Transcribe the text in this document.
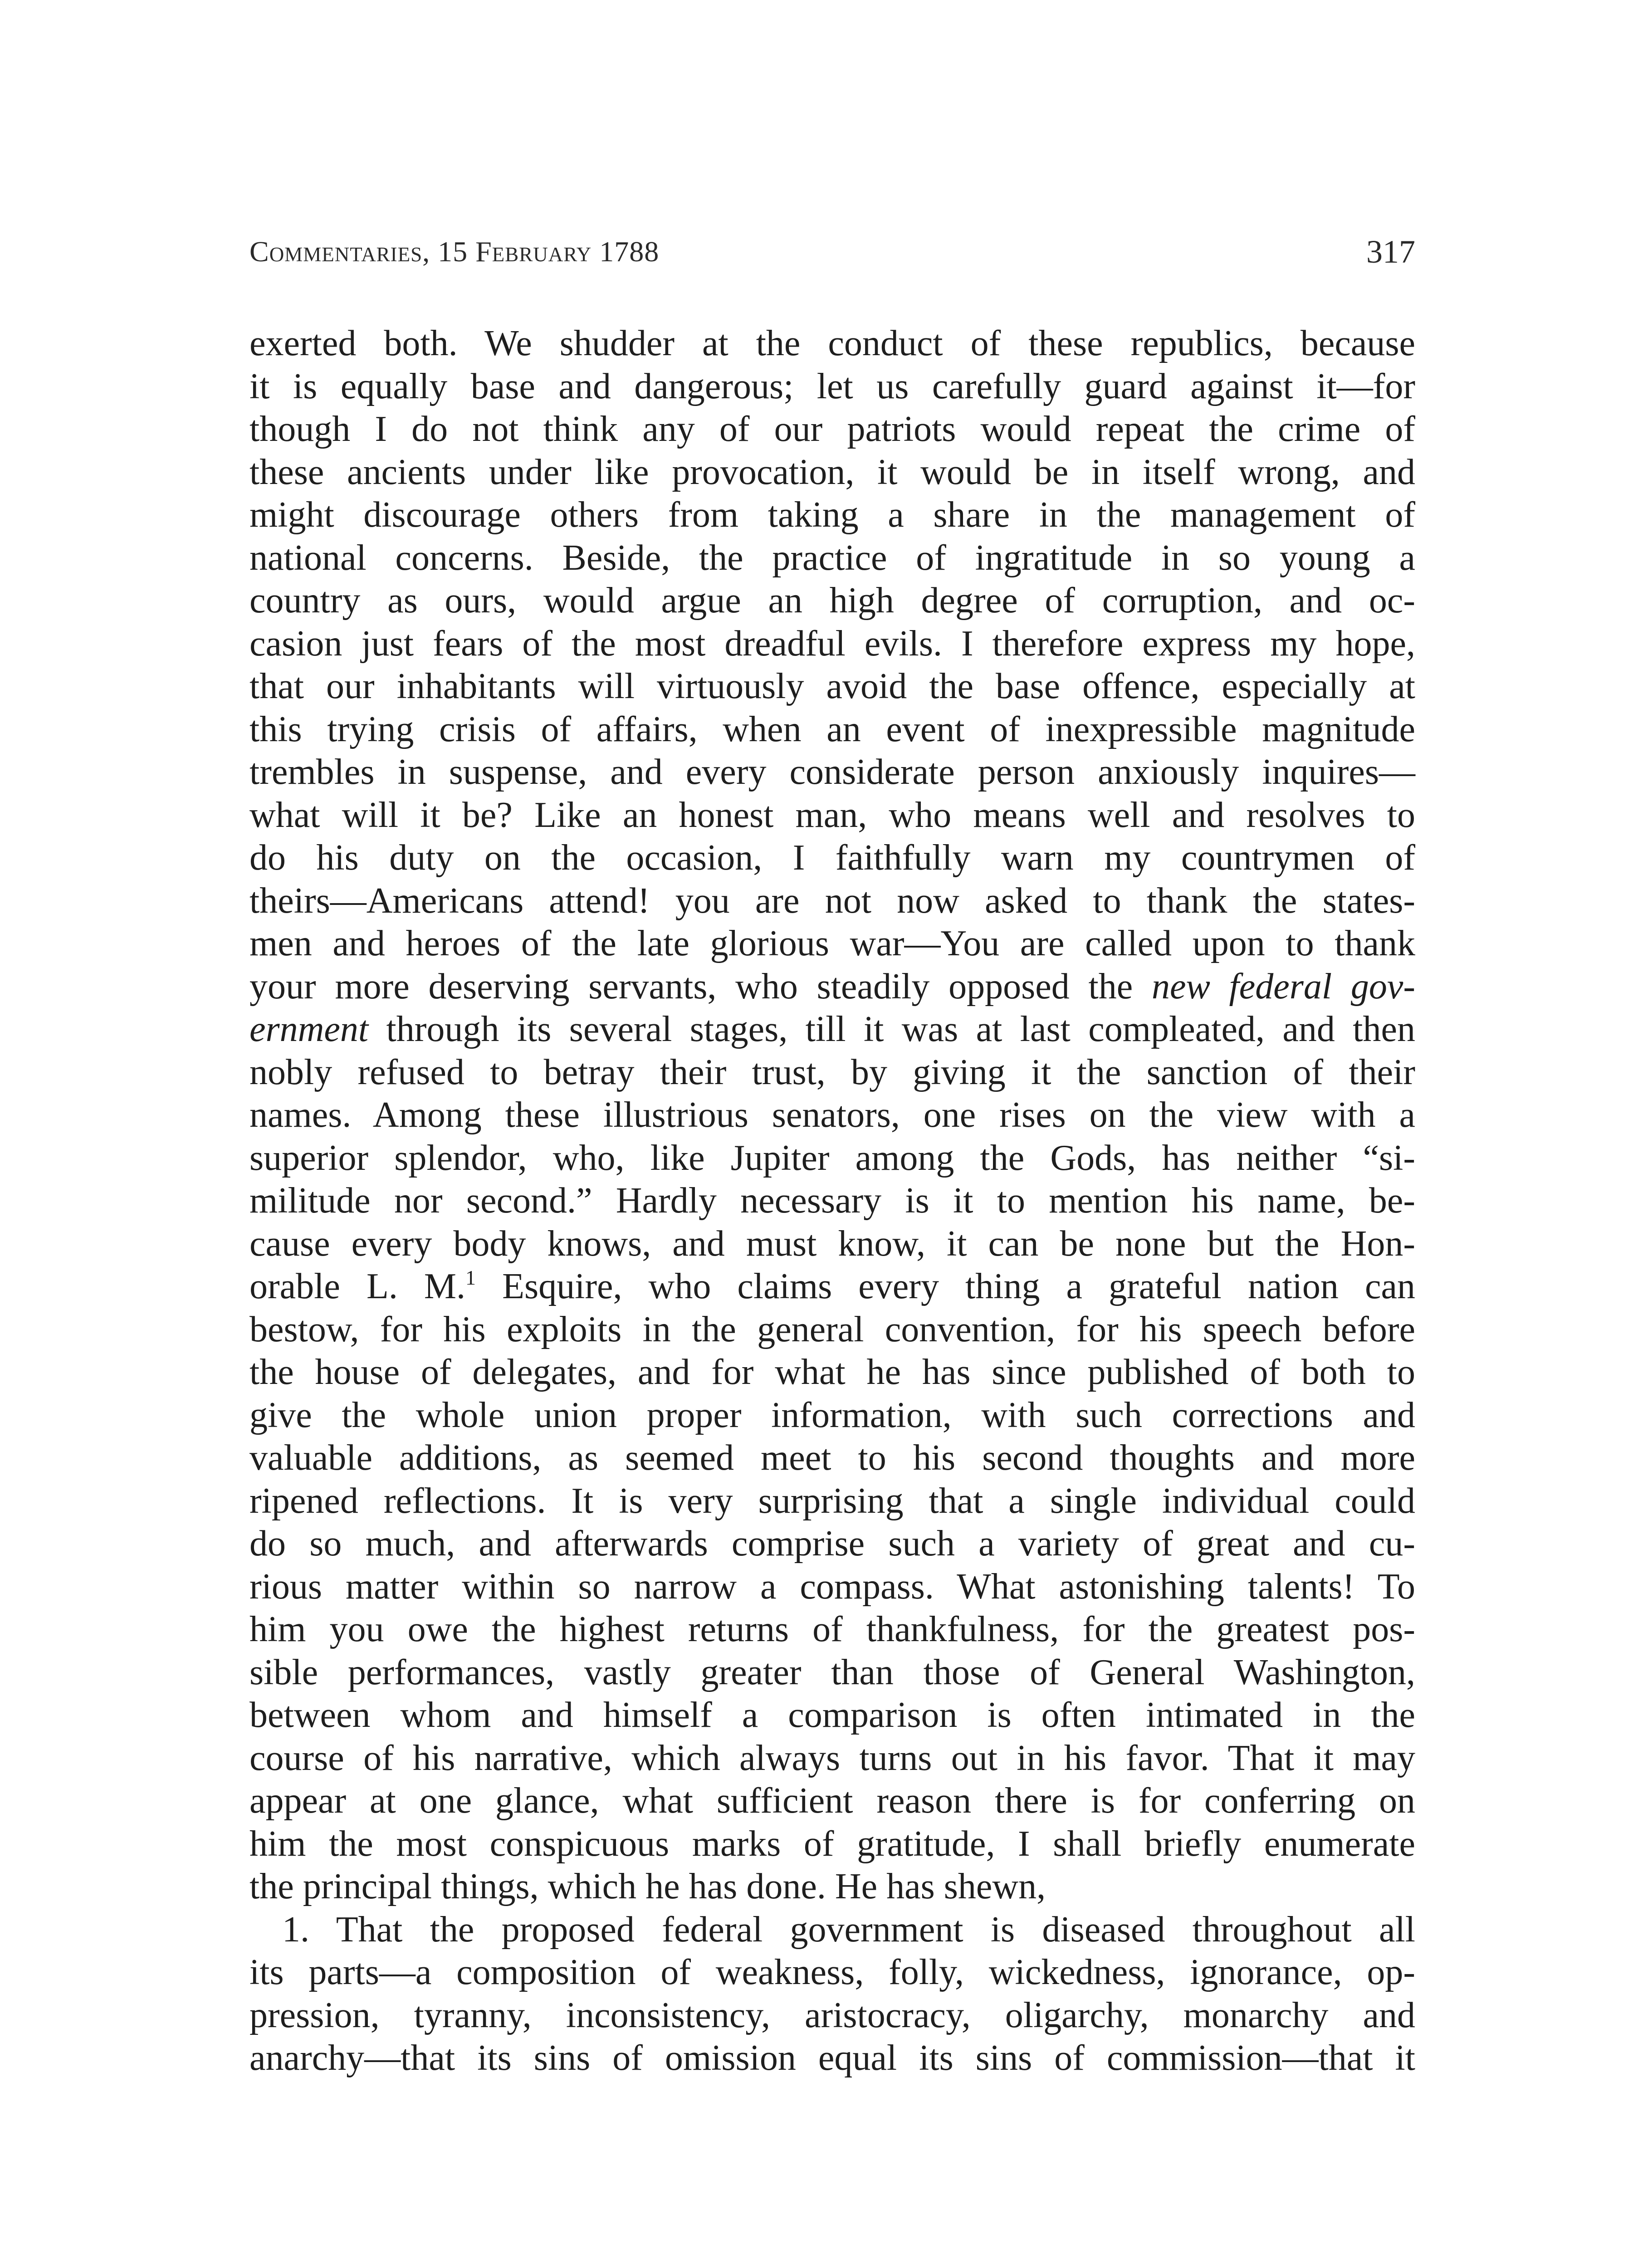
Commentaries, 15 February 1788	317
exerted both. We shudder at the conduct of these republics, because
it is equally base and dangerous; let us carefully guard against it—for
though I do not think any of our patriots would repeat the crime of
these ancients under like provocation, it would be in itself wrong, and
might discourage others from taking a share in the management of
national concerns. Beside, the practice of ingratitude in so young a
country as ours, would argue an high degree of corruption, and oc-
casion just fears of the most dreadful evils. I therefore express my hope,
that our inhabitants will virtuously avoid the base offence, especially at
this trying crisis of affairs, when an event of inexpressible magnitude
trembles in suspense, and every considerate person anxiously inquires—
what will it be? Like an honest man, who means well and resolves to
do his duty on the occasion, I faithfully warn my countrymen of
theirs—Americans attend! you are not now asked to thank the states-
men and heroes of the late glorious war—You are called upon to thank
your more deserving servants, who steadily opposed the new federal gov-
ernment through its several stages, till it was at last compleated, and then
nobly refused to betray their trust, by giving it the sanction of their
names. Among these illustrious senators, one rises on the view with a
superior splendor, who, like Jupiter among the Gods, has neither “si-
militude nor second.” Hardly necessary is it to mention his name, be-
cause every body knows, and must know, it can be none but the Hon-
orable L. M.$^1$ Esquire, who claims every thing a grateful nation can
bestow, for his exploits in the general convention, for his speech before
the house of delegates, and for what he has since published of both to
give the whole union proper information, with such corrections and
valuable additions, as seemed meet to his second thoughts and more
ripened reflections. It is very surprising that a single individual could
do so much, and afterwards comprise such a variety of great and cu-
rious matter within so narrow a compass. What astonishing talents! To
him you owe the highest returns of thankfulness, for the greatest pos-
sible performances, vastly greater than those of General Washington,
between whom and himself a comparison is often intimated in the
course of his narrative, which always turns out in his favor. That it may
appear at one glance, what sufficient reason there is for conferring on
him the most conspicuous marks of gratitude, I shall briefly enumerate
the principal things, which he has done. He has shewn,
1. That the proposed federal government is diseased throughout all
its parts—a composition of weakness, folly, wickedness, ignorance, op-
pression, tyranny, inconsistency, aristocracy, oligarchy, monarchy and
anarchy—that its sins of omission equal its sins of commission—that it
